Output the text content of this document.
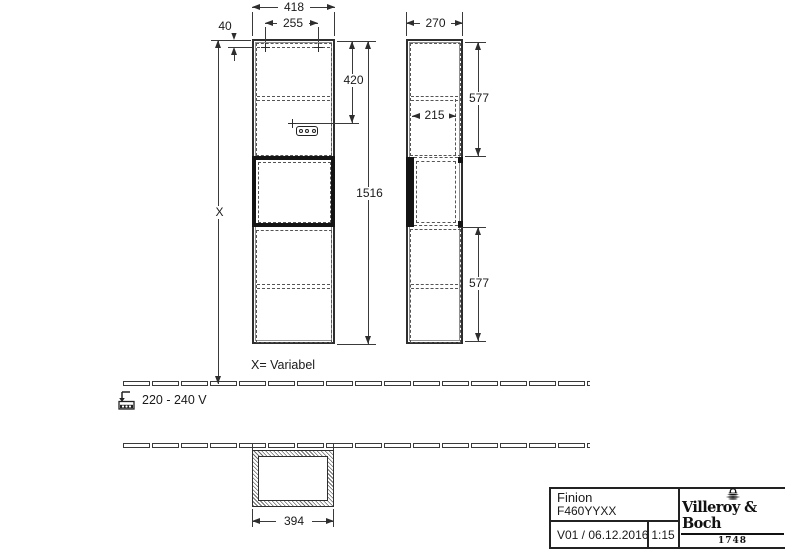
418
255
40
X
420
1516
270
577
215
577
X= Variabel
220 - 240 V
394
Finion
F460YYXX
V01 / 06.12.2016 1:15
Villeroy & Boch
1748
